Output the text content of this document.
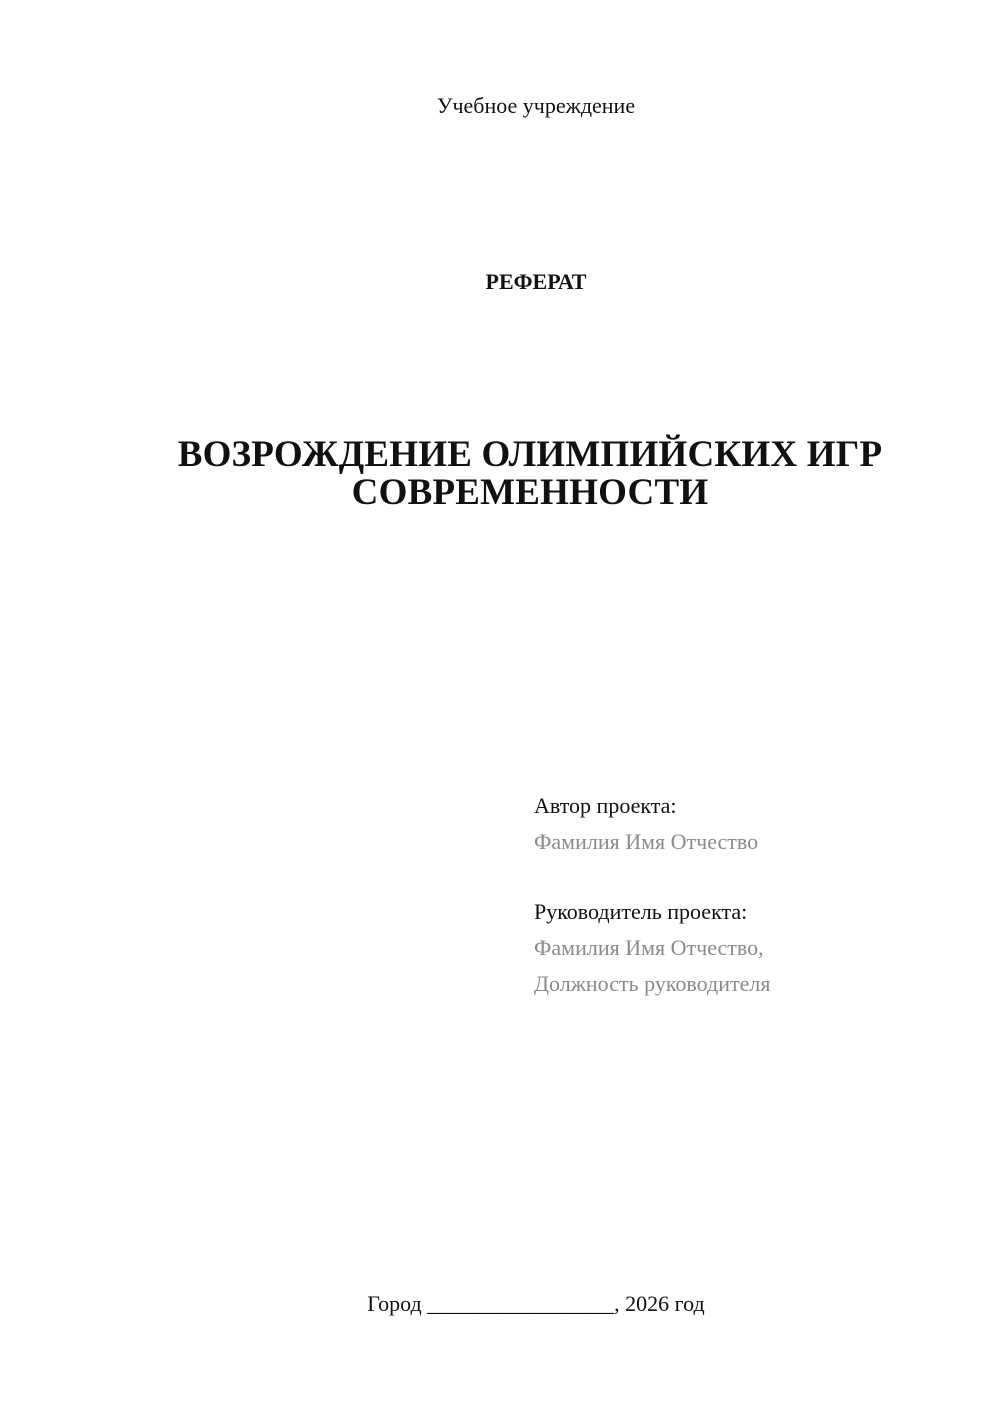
Учебное учреждение
РЕФЕРАТ
ВОЗРОЖДЕНИЕ ОЛИМПИЙСКИХ ИГР
СОВРЕМЕННОСТИ
Автор проекта:
Фамилия Имя Отчество
Руководитель проекта:
Фамилия Имя Отчество,
Должность руководителя
Город _________________, 2026 год
